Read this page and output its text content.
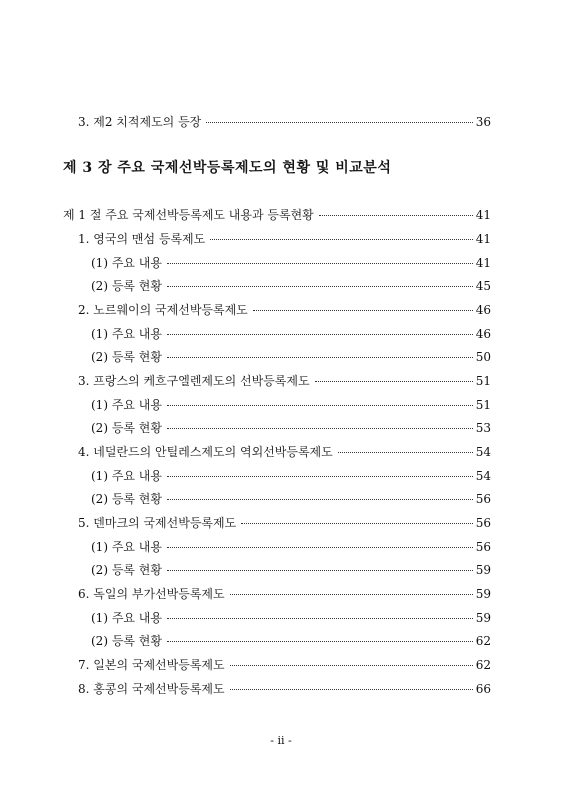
3. 제2 치적제도의 등장	36
제 3 장 주요 국제선박등록제도의 현황 및 비교분석
제 1 절 주요 국제선박등록제도 내용과 등록현황	41
1. 영국의 맨섬 등록제도	41
(1) 주요 내용	41
(2) 등록 현황	45
2. 노르웨이의 국제선박등록제도	46
(1) 주요 내용	46
(2) 등록 현황	50
3. 프랑스의 케흐구엘렌제도의 선박등록제도	51
(1) 주요 내용	51
(2) 등록 현황	53
4. 네덜란드의 안틸레스제도의 역외선박등록제도	54
(1) 주요 내용	54
(2) 등록 현황	56
5. 덴마크의 국제선박등록제도	56
(1) 주요 내용	56
(2) 등록 현황	59
6. 독일의 부가선박등록제도	59
(1) 주요 내용	59
(2) 등록 현황	62
7. 일본의 국제선박등록제도	62
8. 홍콩의 국제선박등록제도	66
- ii -
